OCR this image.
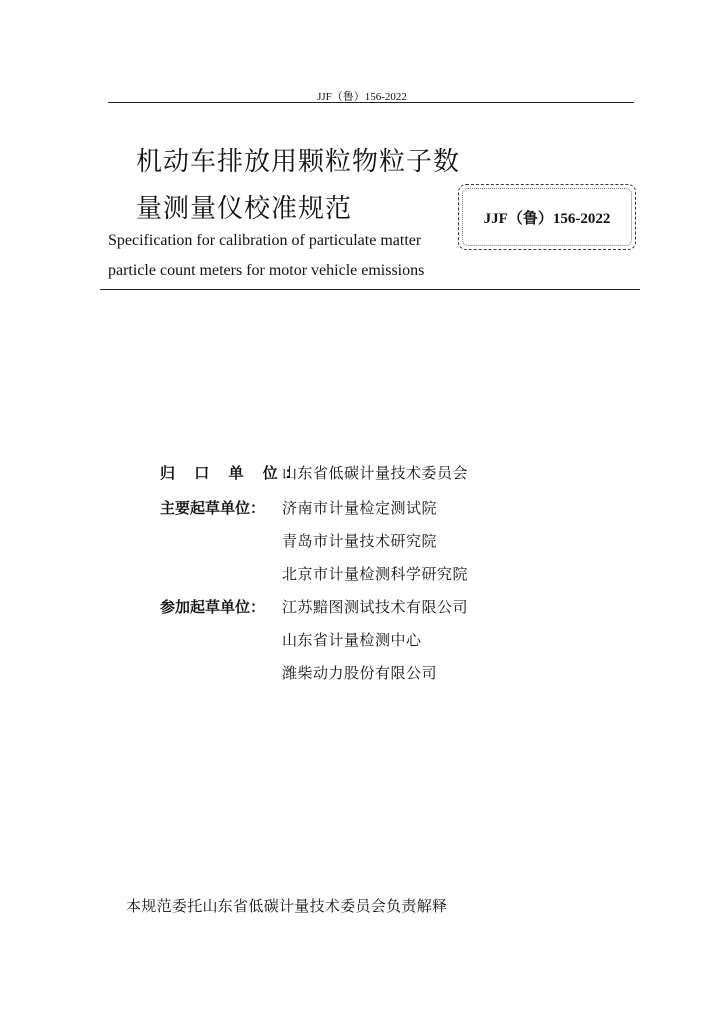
JJF（鲁）156-2022
机动车排放用颗粒物粒子数
量测量仪校准规范
Specification for calibration of particulate matter
particle count meters for motor vehicle emissions
JJF（鲁）156-2022
归 口 单 位：
山东省低碳计量技术委员会
主要起草单位：	济南市计量检定测试院
青岛市计量技术研究院
北京市计量检测科学研究院
参加起草单位：	江苏黯图测试技术有限公司
山东省计量检测中心
潍柴动力股份有限公司
本规范委托山东省低碳计量技术委员会负责解释
